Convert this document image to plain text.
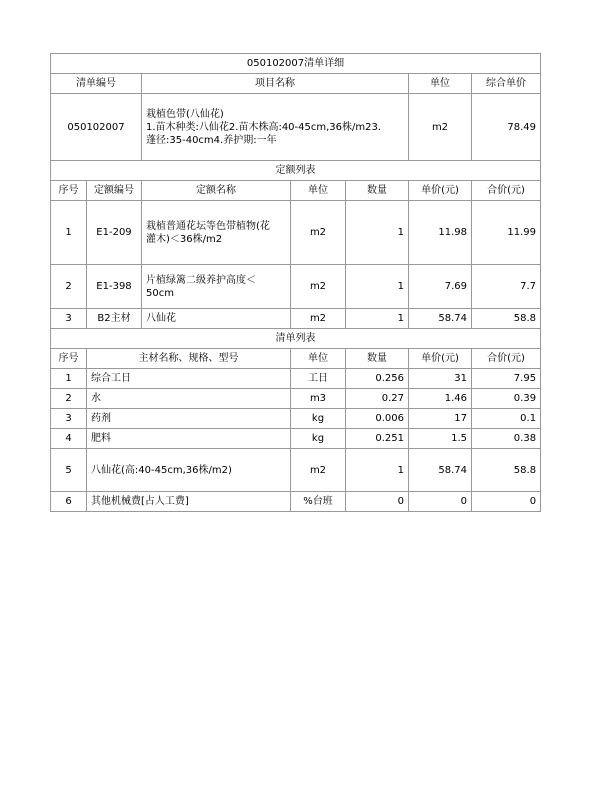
050102007清单详细			
清单编号	项目名称	单位	综合单价
050102007	栽植色带(八仙花)
1.苗木种类:八仙花2.苗木株高:40-45cm,36株/m23.
蓬径:35-40cm4.养护期:一年	m2	78.49
定额列表						
序号	定额编号	定额名称	单位	数量	单价(元)	合价(元)
1	E1-209	栽植普通花坛等色带植物(花
灌木)＜36株/m2	m2	1	11.98	11.99
2	E1-398	片植绿篱二级养护高度＜
50cm	m2	1	7.69	7.7
3	B2主材	八仙花	m2	1	58.74	58.8
清单列表					
序号	主材名称、规格、型号	单位	数量	单价(元)	合价(元)
1	综合工日	工日	0.256	31	7.95
2	水	m3	0.27	1.46	0.39
3	药剂	kg	0.006	17	0.1
4	肥料	kg	0.251	1.5	0.38
5	八仙花(高:40-45cm,36株/m2)	m2	1	58.74	58.8
6	其他机械费[占人工费]	%台班	0	0	0
